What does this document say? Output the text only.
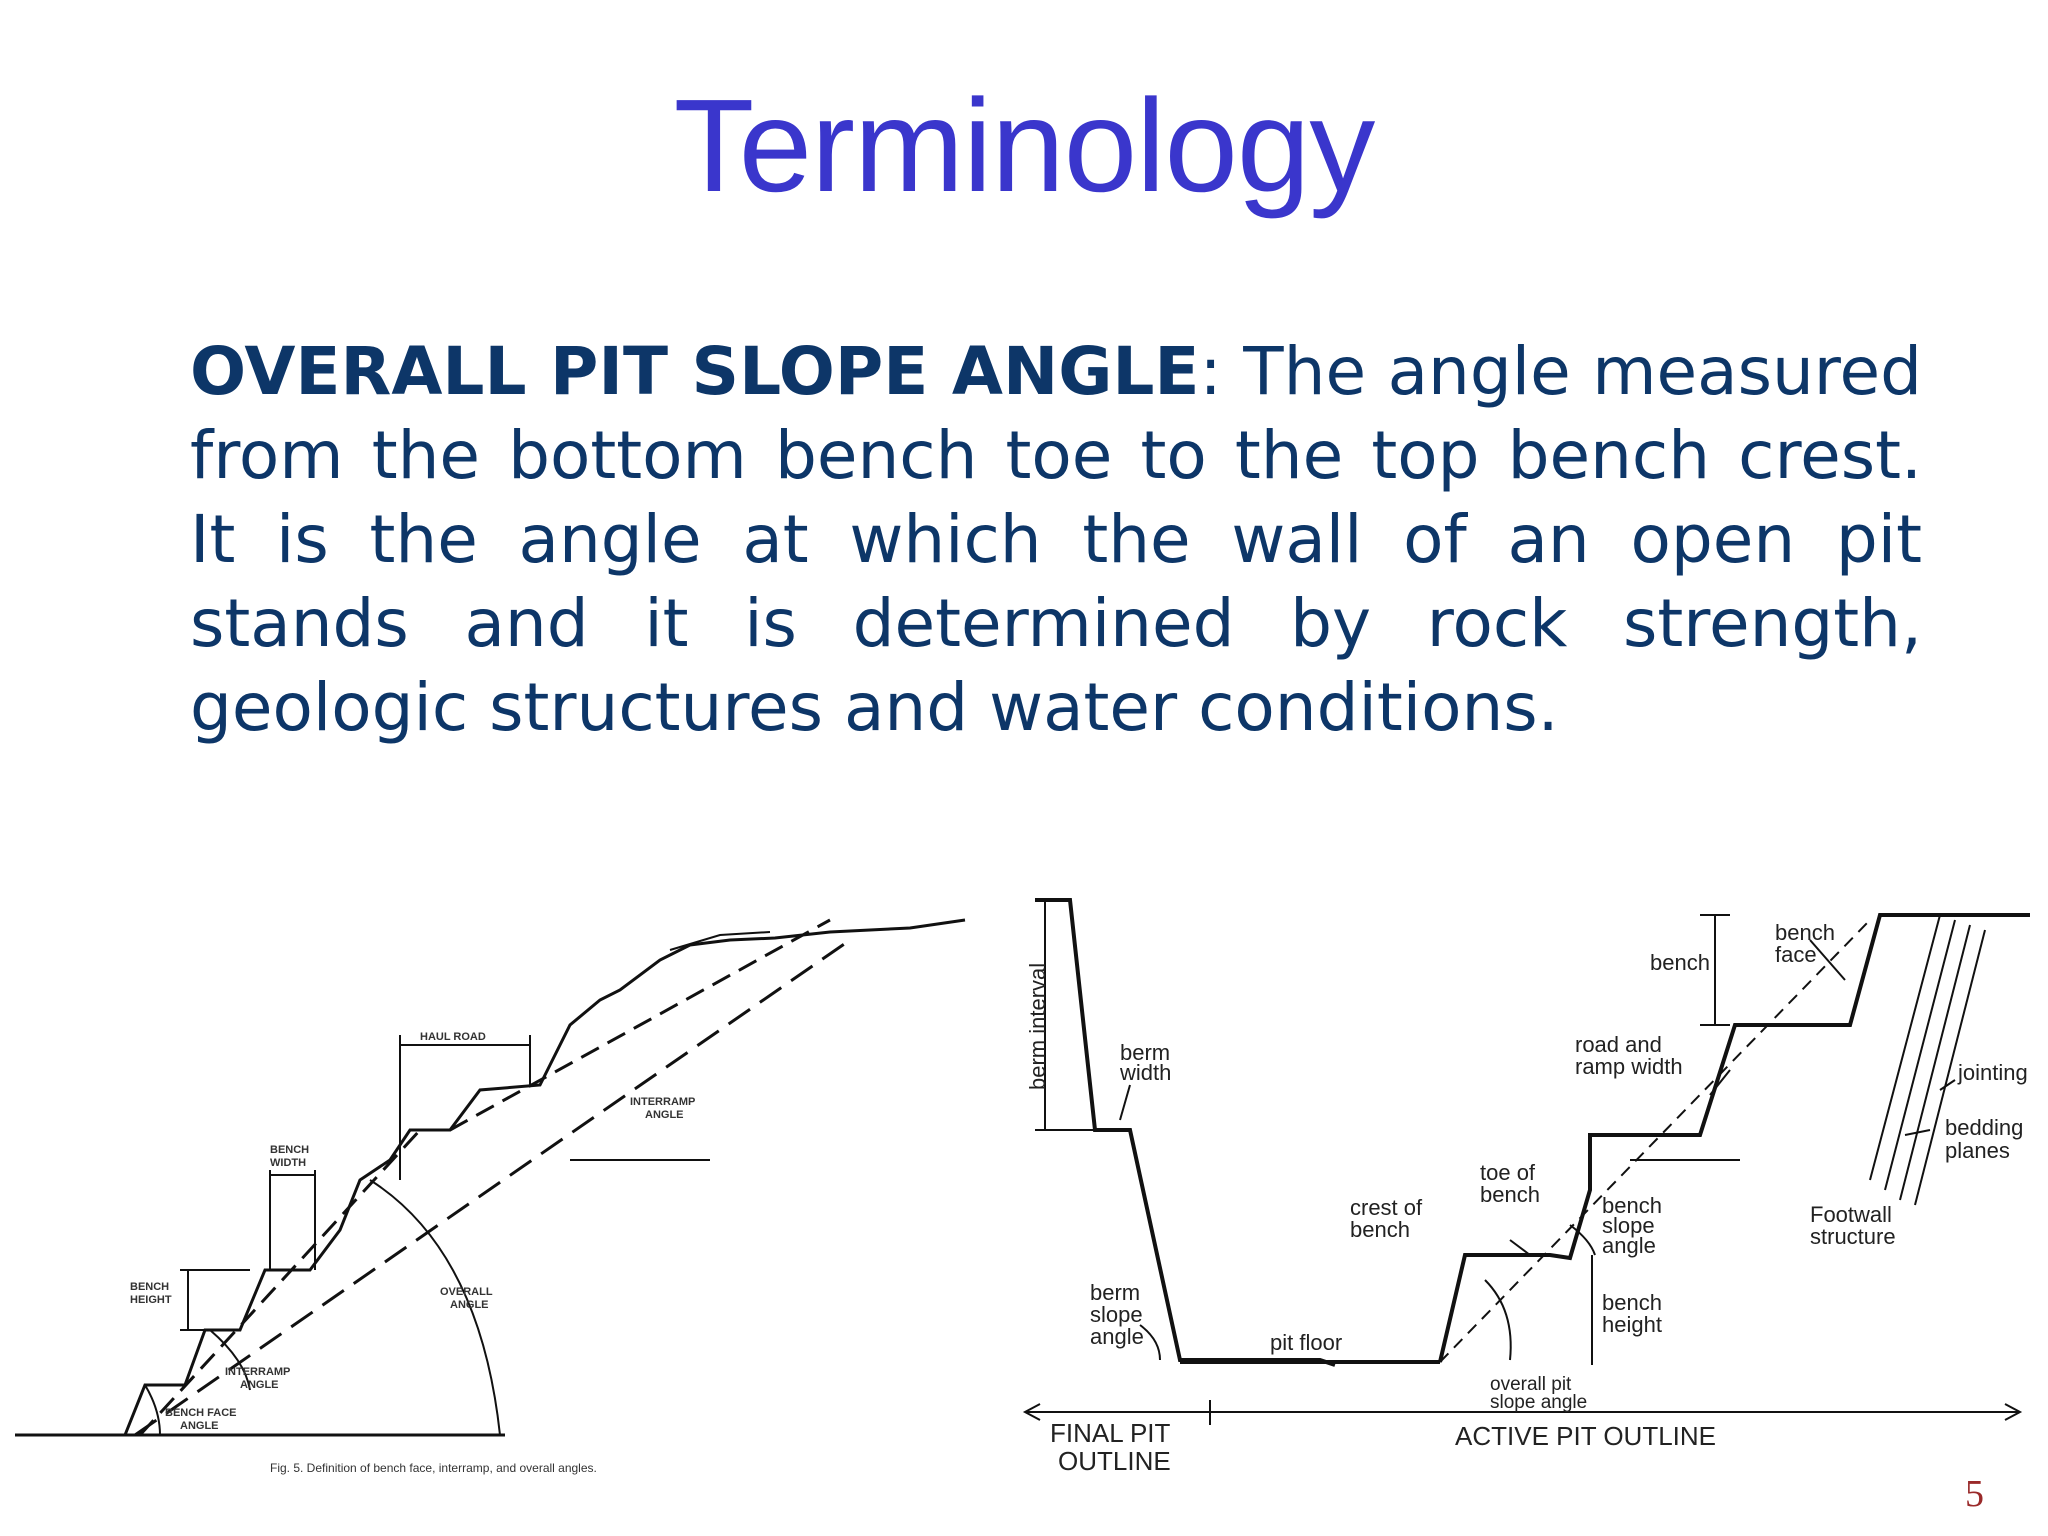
Terminology

OVERALL PIT SLOPE ANGLE: The angle measured from the bottom bench toe to the top bench crest. It is the angle at which the wall of an open pit stands and it is determined by rock strength, geologic structures and water conditions.

HAUL ROAD
BENCH
WIDTH
INTERRAMP
ANGLE
OVERALL
ANGLE
BENCH
HEIGHT
INTERRAMP
ANGLE
BENCH FACE
ANGLE
Fig. 5. Definition of bench face, interramp, and overall angles.
berm interval	berm
width
bench
bench
face
road and
ramp width	jointing
bedding
planes
toe of
bench
crest of
bench
bench
slope
angle
Footwall
structure
berm
slope
angle	pit floor
bench
height
overall pit
slope angle
FINAL PIT
OUTLINE
ACTIVE PIT OUTLINE
5
